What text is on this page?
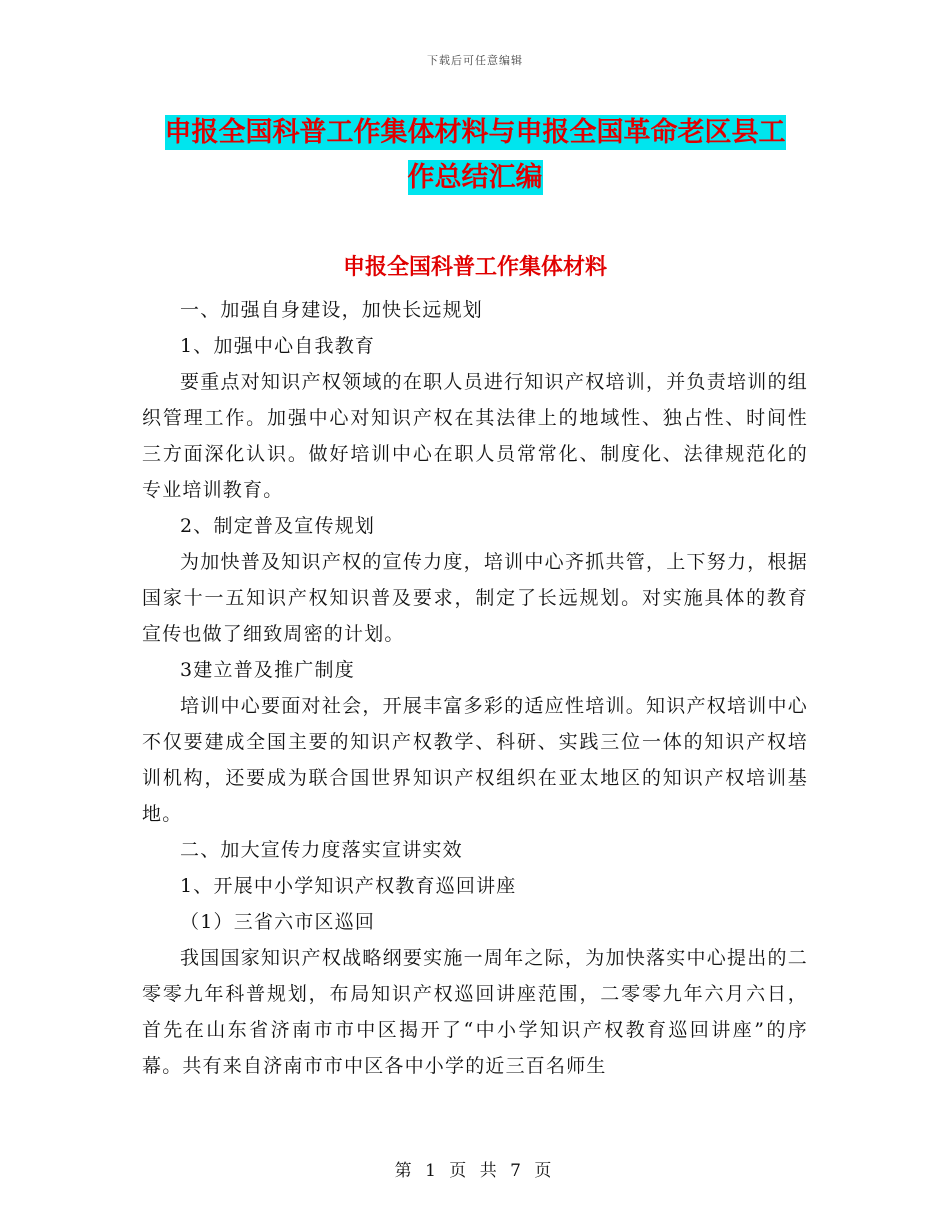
下载后可任意编辑
申报全国科普工作集体材料与申报全国革命老区县工
作总结汇编
申报全国科普工作集体材料

一、加强自身建设，加快长远规划

1、加强中心自我教育

要重点对知识产权领域的在职人员进行知识产权培训，并负责培训的组织管理工作。加强中心对知识产权在其法律上的地域性、独占性、时间性三方面深化认识。做好培训中心在职人员常常化、制度化、法律规范化的专业培训教育。

2、制定普及宣传规划

为加快普及知识产权的宣传力度，培训中心齐抓共管，上下努力，根据国家十一五知识产权知识普及要求，制定了长远规划。对实施具体的教育宣传也做了细致周密的计划。

3建立普及推广制度

培训中心要面对社会，开展丰富多彩的适应性培训。知识产权培训中心不仅要建成全国主要的知识产权教学、科研、实践三位一体的知识产权培训机构，还要成为联合国世界知识产权组织在亚太地区的知识产权培训基地。

二、加大宣传力度落实宣讲实效

1、开展中小学知识产权教育巡回讲座

（1）三省六市区巡回

我国国家知识产权战略纲要实施一周年之际，为加快落实中心提出的二零零九年科普规划，布局知识产权巡回讲座范围，二零零九年六月六日，首先在山东省济南市市中区揭开了“中小学知识产权教育巡回讲座”的序幕。共有来自济南市市中区各中小学的近三百名师生

第 1 页 共 7 页
